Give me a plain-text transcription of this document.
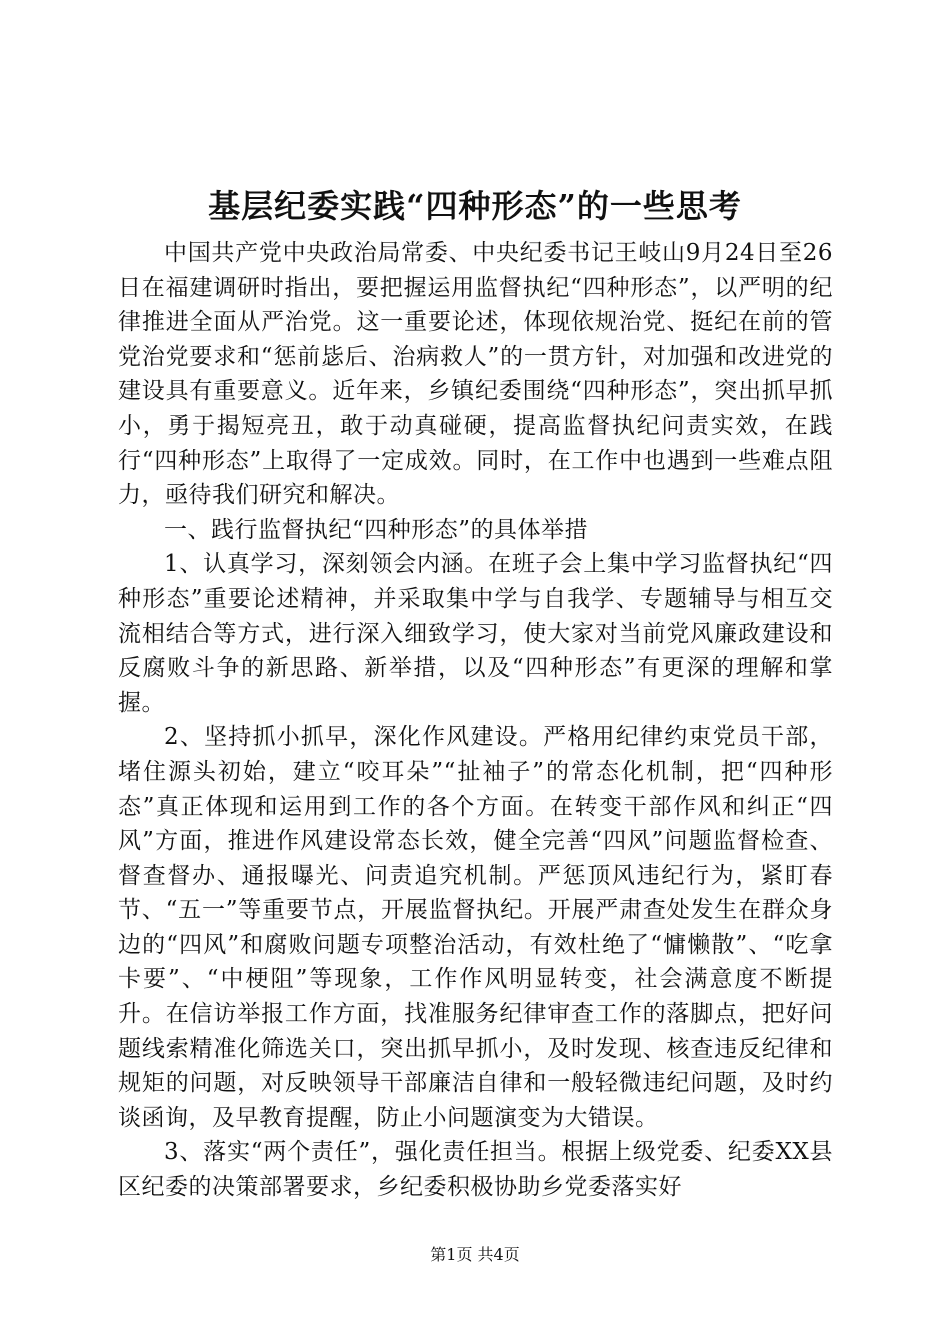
基层纪委实践“四种形态”的一些思考

中国共产党中央政治局常委、中央纪委书记王岐山9月24日至26日在福建调研时指出，要把握运用监督执纪“四种形态”，以严明的纪律推进全面从严治党。这一重要论述，体现依规治党、挺纪在前的管党治党要求和“惩前毖后、治病救人”的一贯方针，对加强和改进党的建设具有重要意义。近年来，乡镇纪委围绕“四种形态”，突出抓早抓小，勇于揭短亮丑，敢于动真碰硬，提高监督执纪问责实效，在践行“四种形态”上取得了一定成效。同时，在工作中也遇到一些难点阻力，亟待我们研究和解决。

一、践行监督执纪“四种形态”的具体举措

1、认真学习，深刻领会内涵。在班子会上集中学习监督执纪“四种形态”重要论述精神，并采取集中学与自我学、专题辅导与相互交流相结合等方式，进行深入细致学习，使大家对当前党风廉政建设和反腐败斗争的新思路、新举措，以及“四种形态”有更深的理解和掌握。

2、坚持抓小抓早，深化作风建设。严格用纪律约束党员干部，堵住源头初始，建立“咬耳朵”“扯袖子”的常态化机制，把“四种形态”真正体现和运用到工作的各个方面。在转变干部作风和纠正“四风”方面，推进作风建设常态长效，健全完善“四风”问题监督检查、督查督办、通报曝光、问责追究机制。严惩顶风违纪行为，紧盯春节、“五一”等重要节点，开展监督执纪。开展严肃查处发生在群众身边的“四风”和腐败问题专项整治活动，有效杜绝了“慵懒散”、“吃拿卡要”、“中梗阻”等现象，工作作风明显转变，社会满意度不断提升。在信访举报工作方面，找准服务纪律审查工作的落脚点，把好问题线索精准化筛选关口，突出抓早抓小，及时发现、核查违反纪律和规矩的问题，对反映领导干部廉洁自律和一般轻微违纪问题，及时约谈函询，及早教育提醒，防止小问题演变为大错误。

3、落实“两个责任”，强化责任担当。根据上级党委、纪委XX县区纪委的决策部署要求，乡纪委积极协助乡党委落实好

第1页 共4页
